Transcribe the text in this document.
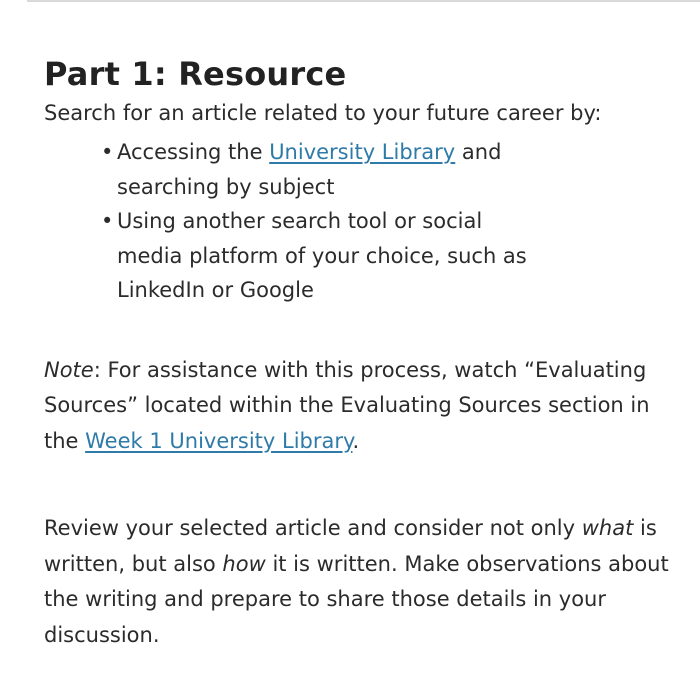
Part 1: Resource

Search for an article related to your future career by:

• Accessing the University Library and searching by subject
• Using another search tool or social media platform of your choice, such as LinkedIn or Google

Note: For assistance with this process, watch “Evaluating Sources” located within the Evaluating Sources section in the Week 1 University Library.

Review your selected article and consider not only what is written, but also how it is written. Make observations about the writing and prepare to share those details in your discussion.
